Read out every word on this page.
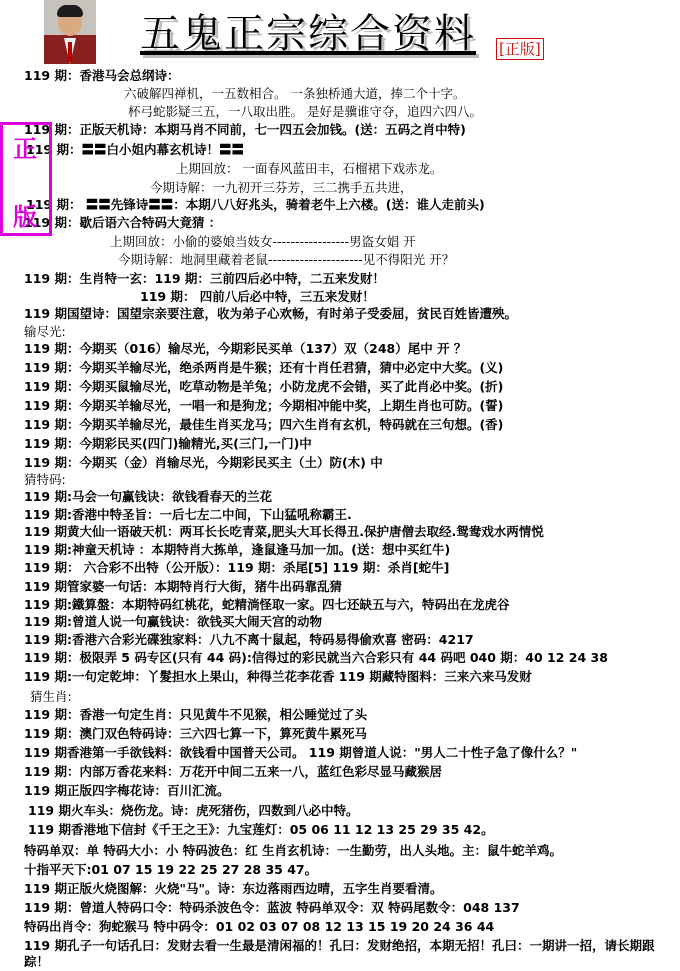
五鬼正宗综合资料 [正版]
119 期：香港马会总纲诗：
六破解四禅机，一五数相合。 一条独桥通大道，捧二个十字。
杯弓蛇影疑三五，一八取出胜。 是好是骥谁守夺，追四六四八。
119 期：正版天机诗：本期马肖不同前，七一四五会加钱。(送：五码之肖中特)
119 期：〓〓白小姐内幕玄机诗！〓〓
上期回放： 一面春风蓝田丰，石榴裙下戏赤龙。
今期诗解：一九初开三芬芳，三二携手五共进，
119 期： 〓〓先锋诗〓〓：本期八八好兆头，骑着老牛上六楼。(送：谁人走前头)
119 期：歇后语六合特码大竟猜 ：
上期回放：小偷的婆娘当妓女-----------------男盗女娼 开
今期诗解：地洞里藏着老鼠---------------------见不得阳光 开？
119 期：生肖特一玄：119 期：三前四后必中特，二五来发财！
119 期： 四前八后必中特，三五来发财！
119 期国望诗：国望宗亲要注意，收为弟子心欢畅，有时弟子受委屈，贫民百姓皆遭殃。
输尽光:
119 期：今期买（016）输尽光，今期彩民买单（137）双（248）尾中 开 ？
119 期：今期买羊输尽光，绝杀两肖是牛猴；还有十肖任君猜，猜中必定中大奖。(义)
119 期：今期买鼠输尽光，吃草动物是羊兔；小防龙虎不会错，买了此肖必中奖。(折)
119 期：今期买羊输尽光，一唱一和是狗龙；今期相冲能中奖，上期生肖也可防。(誓)
119 期：今期买羊输尽光，最佳生肖买龙马；四六生肖有玄机，特码就在三句想。(香)
119 期：今期彩民买(四门)输精光,买(三门,一门)中
119 期：今期买（金）肖输尽光，今期彩民买主（土）防(木) 中
猜特码:
119 期:马会一句赢钱诀：欲钱看春天的兰花
119 期:香港中特圣旨：一后七左二中间，下山猛吼称霸王.
119 期黄大仙一语破天机：两耳长长吃青菜,肥头大耳长得丑.保护唐僧去取经.鸳鸯戏水两情悦
119 期:神童天机诗 ：本期特肖大拣单，逢鼠逢马加一加。(送：想中买红牛)
119 期： 六合彩不出特（公开版）：119 期：杀尾[5] 119 期：杀肖[蛇牛]
119 期管家婆一句话：本期特肖行大街，猪牛出码靠乱猜
119 期:鐵算盤：本期特码红桃花，蛇精淌怪取一家。四七还缺五与六，特码出在龙虎谷
119 期:曾道人说一句赢钱诀：欲钱买大闹天宫的动物
119 期:香港六合彩光碟独家料：八九不离十鼠起，特码易得偷欢喜 密码：4217
119 期：极限弄 5 码专区(只有 44 码):信得过的彩民就当六合彩只有 44 码吧 040 期：40 12 24 38
119 期:一句定乾坤：丫髮担水上果山，种得兰花李花香 119 期藏特图料：三来六来马发财
猜生肖:
119 期：香港一句定生肖：只见黄牛不见猴，相公睡觉过了头
119 期：澳门双色特码诗：三六四七算一下，算死黄牛累死马
119 期香港第一手欲钱料：欲钱看中国普天公司。 119 期曾道人说："男人二十性子急了像什么？"
119 期：内部万香花来料：万花开中间二五来一八，蓝红色彩尽显马藏猴居
119 期正版四字梅花诗：百川汇流。
119 期火车头：烧伤龙。诗：虎死猪伤，四数到八必中特。
119 期香港地下信封《千王之王》：九宝莲灯：05 06 11 12 13 25 29 35 42。
特码单双：单 特码大小：小 特码波色：红 生肖玄机诗：一生勤劳，出人头地。主：鼠牛蛇羊鸡。
十指平天下:01 07 15 19 22 25 27 28 35 47。
119 期正版火烧图解：火烧"马"。诗：东边落雨西边晴，五字生肖要看清。
119 期：曾道人特码口令：特码杀波色令：蓝波 特码单双令：双 特码尾数令：048 137
特码出肖令：狗蛇猴马 特中码令：01 02 03 07 08 12 13 15 19 20 24 36 44
119 期孔子一句话孔曰：发财去看一生最是清闲福的！孔曰：发财绝招，本期无招！孔曰：一期讲一招，请长期跟
踪！
正
版
